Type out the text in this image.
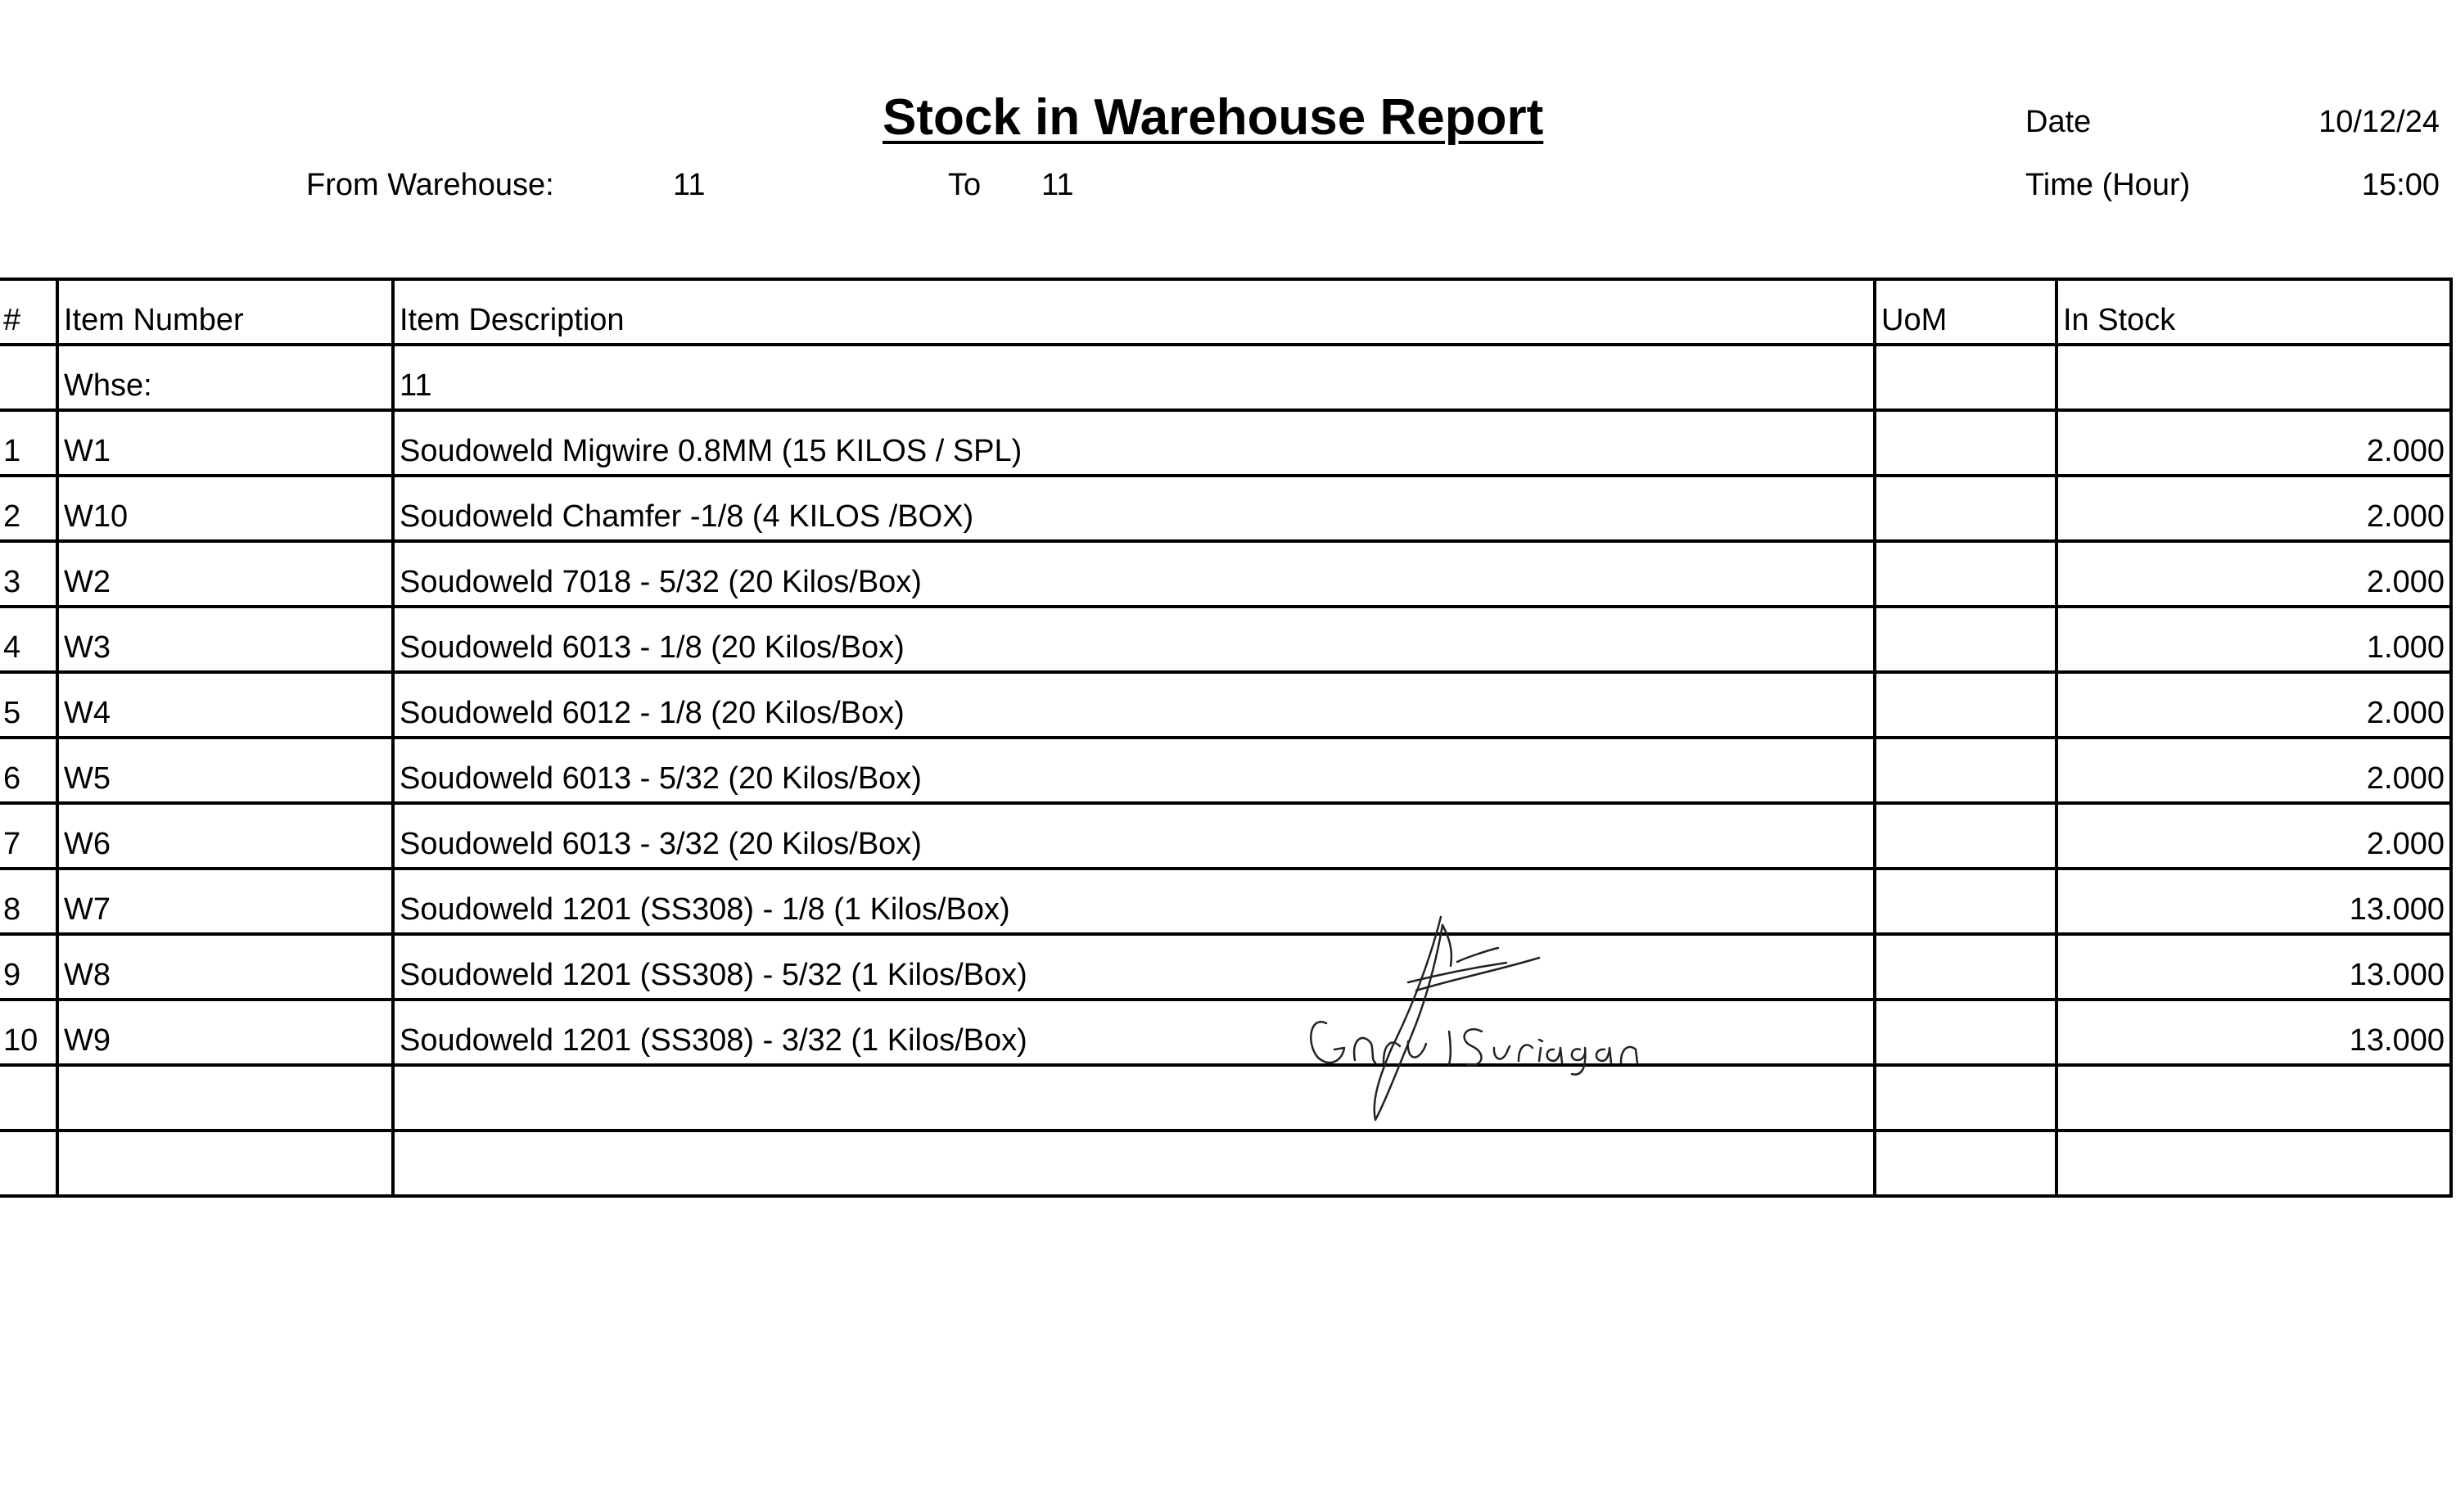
Stock in Warehouse Report
From Warehouse:	11	To 11
Date	10/12/24
Time (Hour)	15:00
#	Item Number	Item Description	UoM	In Stock
	Whse:	11		
1	W1	Soudoweld Migwire 0.8MM (15 KILOS / SPL)		2.000
2	W10	Soudoweld Chamfer -1/8 (4 KILOS /BOX)		2.000
3	W2	Soudoweld 7018 - 5/32 (20 Kilos/Box)		2.000
4	W3	Soudoweld 6013 - 1/8 (20 Kilos/Box)		1.000
5	W4	Soudoweld 6012 - 1/8 (20 Kilos/Box)		2.000
6	W5	Soudoweld 6013 - 5/32 (20 Kilos/Box)		2.000
7	W6	Soudoweld 6013 - 3/32 (20 Kilos/Box)		2.000
8	W7	Soudoweld 1201 (SS308) - 1/8 (1 Kilos/Box)		13.000
9	W8	Soudoweld 1201 (SS308) - 5/32 (1 Kilos/Box)		13.000
10	W9	Soudoweld 1201 (SS308) - 3/32 (1 Kilos/Box)		13.000
